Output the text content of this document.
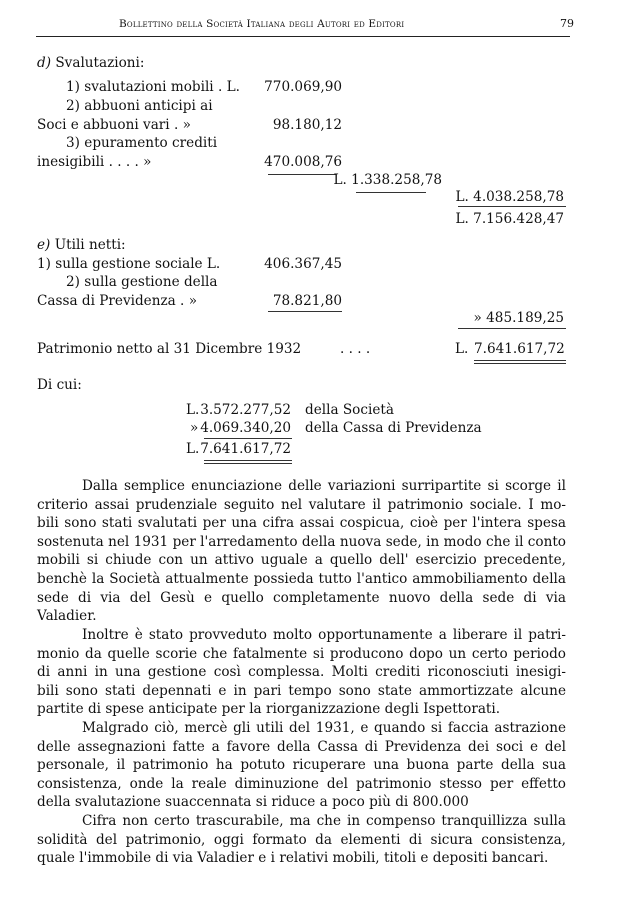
Bollettino della Società Italiana degli Autori ed Editori	79
d) Svalutazioni:
1) svalutazioni mobili . L.	770.069,90
2) abbuoni anticipi ai
Soci e abbuoni vari . »	98.180,12
3) epuramento crediti
inesigibili . . . . »	470.008,76
L. 1.338.258,78
L. 4.038.258,78
L. 7.156.428,47
e) Utili netti:
1) sulla gestione sociale L.	406.367,45
2) sulla gestione della
Cassa di Previdenza . »	78.821,80
» 485.189,25
Patrimonio netto al 31 Dicembre 1932	. . . .	L. 7.641.617,72
Di cui:
L. 3.572.277,52 della Società
» 4.069.340,20 della Cassa di Previdenza
L. 7.641.617,72
Dalla semplice enunciazione delle variazioni surripartite si scorge il
criterio assai prudenziale seguito nel valutare il patrimonio sociale. I mo-
bili sono stati svalutati per una cifra assai cospicua, cioè per l'intera spesa
sostenuta nel 1931 per l'arredamento della nuova sede, in modo che il conto
mobili si chiude con un attivo uguale a quello dell' esercizio precedente,
benchè la Società attualmente possieda tutto l'antico ammobiliamento della
sede di via del Gesù e quello completamente nuovo della sede di via
Valadier.
Inoltre è stato provveduto molto opportunamente a liberare il patri-
monio da quelle scorie che fatalmente si producono dopo un certo periodo
di anni in una gestione così complessa. Molti crediti riconosciuti inesigi-
bili sono stati depennati e in pari tempo sono state ammortizzate alcune
partite di spese anticipate per la riorganizzazione degli Ispettorati.
Malgrado ciò, mercè gli utili del 1931, e quando si faccia astrazione
delle assegnazioni fatte a favore della Cassa di Previdenza dei soci e del
personale, il patrimonio ha potuto ricuperare una buona parte della sua
consistenza, onde la reale diminuzione del patrimonio stesso per effetto
della svalutazione suaccennata si riduce a poco più di 800.000
Cifra non certo trascurabile, ma che in compenso tranquillizza sulla
solidità del patrimonio, oggi formato da elementi di sicura consistenza,
quale l'immobile di via Valadier e i relativi mobili, titoli e depositi bancari.
